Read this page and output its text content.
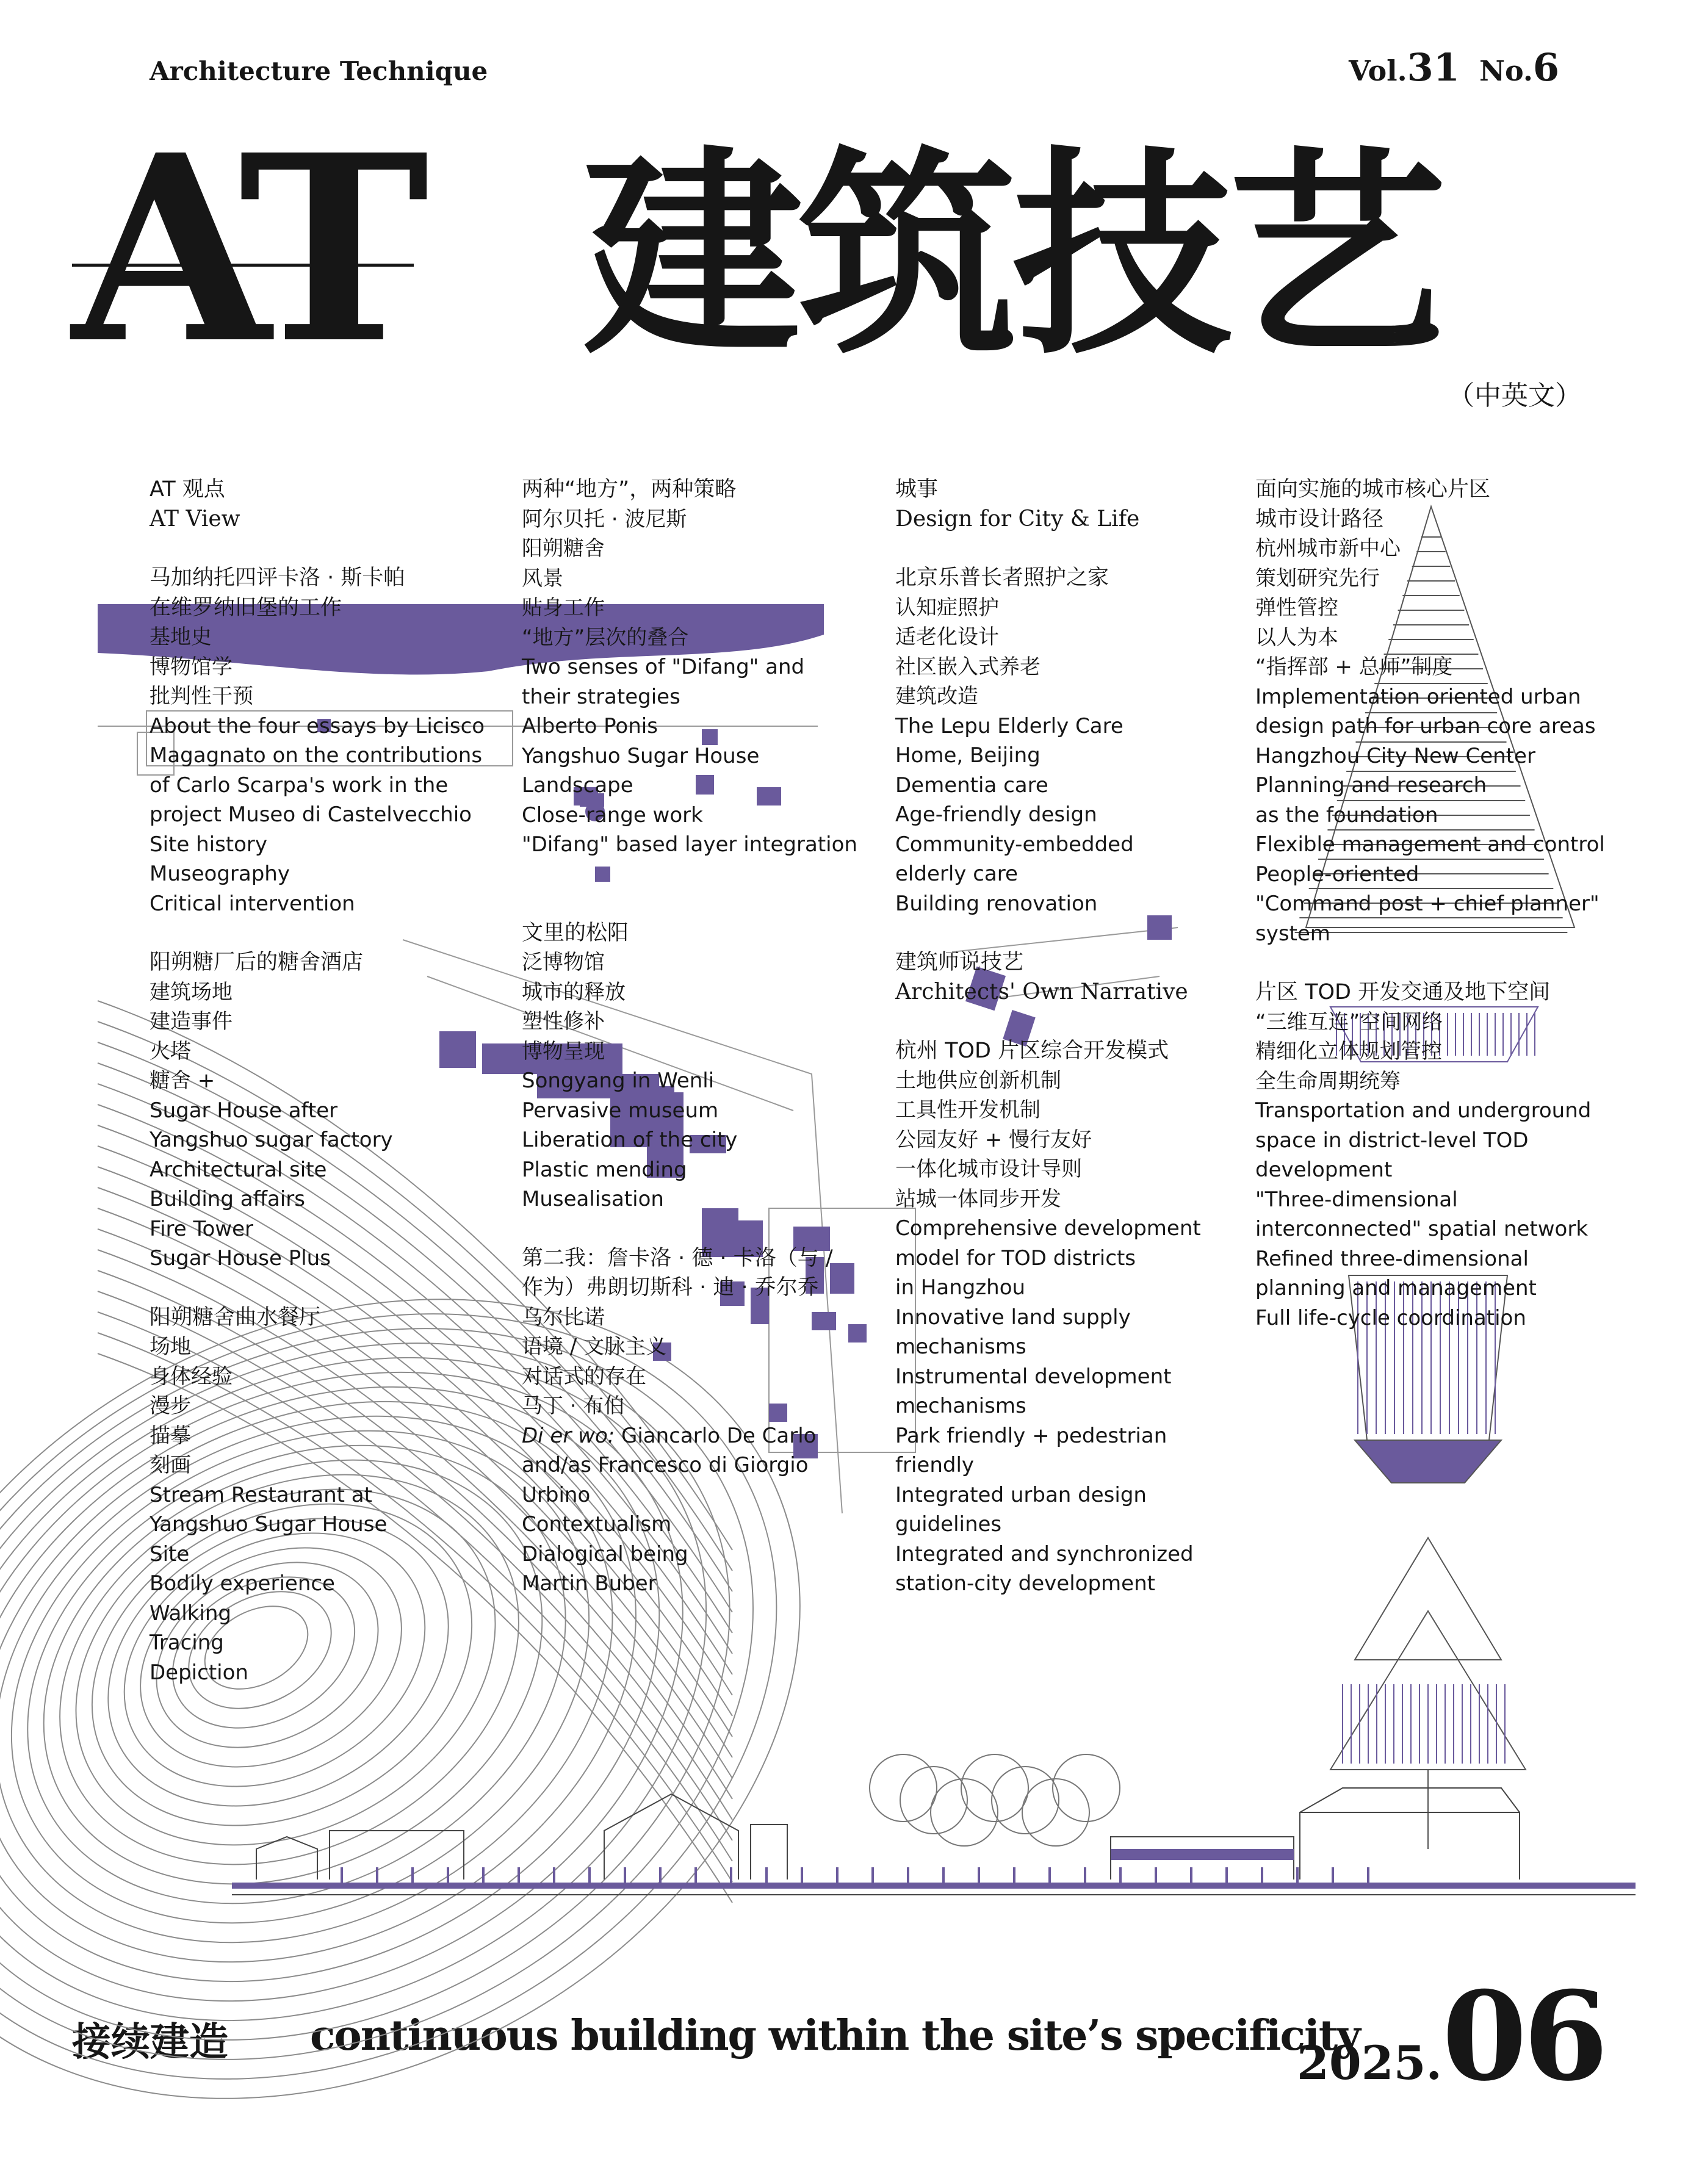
Architecture Technique	Vol.31 No.6
AT 建筑技艺
（中英文）

AT 观点

AT View

马加纳托四评卡洛 · 斯卡帕

在维罗纳旧堡的工作

基地史

博物馆学

批判性干预

About the four essays by Licisco

Magagnato on the contributions

of Carlo Scarpa's work in the

project Museo di Castelvecchio

Site history

Museography

Critical intervention

阳朔糖厂后的糖舍酒店

建筑场地

建造事件

火塔

糖舍 +

Sugar House after

Yangshuo sugar factory

Architectural site

Building affairs

Fire Tower

Sugar House Plus

阳朔糖舍曲水餐厅

场地

身体经验

漫步

描摹

刻画

Stream Restaurant at

Yangshuo Sugar House

Site

Bodily experience

Walking

Tracing

Depiction

两种“地方”，两种策略

阿尔贝托 · 波尼斯

阳朔糖舍

风景

贴身工作

“地方”层次的叠合

Two senses of "Difang" and

their strategies

Alberto Ponis

Yangshuo Sugar House

Landscape

Close-range work

"Difang" based layer integration

文里的松阳

泛博物馆

城市的释放

塑性修补

博物呈现

Songyang in Wenli

Pervasive museum

Liberation of the city

Plastic mending

Musealisation

第二我：詹卡洛 · 德 · 卡洛（与 /

作为）弗朗切斯科 · 迪 · 乔尔乔

乌尔比诺

语境 / 文脉主义

对话式的存在

马丁 · 布伯

Di er wo: Giancarlo De Carlo

and/as Francesco di Giorgio

Urbino

Contextualism

Dialogical being

Martin Buber

城事

Design for City & Life

北京乐普长者照护之家

认知症照护

适老化设计

社区嵌入式养老

建筑改造

The Lepu Elderly Care

Home, Beijing

Dementia care

Age-friendly design

Community-embedded

elderly care

Building renovation

建筑师说技艺

Architects' Own Narrative

杭州 TOD 片区综合开发模式

土地供应创新机制

工具性开发机制

公园友好 + 慢行友好

一体化城市设计导则

站城一体同步开发

Comprehensive development

model for TOD districts

in Hangzhou

Innovative land supply

mechanisms

Instrumental development

mechanisms

Park friendly + pedestrian

friendly

Integrated urban design

guidelines

Integrated and synchronized

station-city development

面向实施的城市核心片区

城市设计路径

杭州城市新中心

策划研究先行

弹性管控

以人为本

“指挥部 + 总师”制度

Implementation oriented urban

design path for urban core areas

Hangzhou City New Center

Planning and research

as the foundation

Flexible management and control

People-oriented

"Command post + chief planner"

system

片区 TOD 开发交通及地下空间

“三维互连”空间网络

精细化立体规划管控

全生命周期统筹

Transportation and underground

space in district-level TOD

development

"Three-dimensional

interconnected" spatial network

Refined three-dimensional

planning and management

Full life-cycle coordination

接续建造 continuous building within the site’s specificity
2025.06
